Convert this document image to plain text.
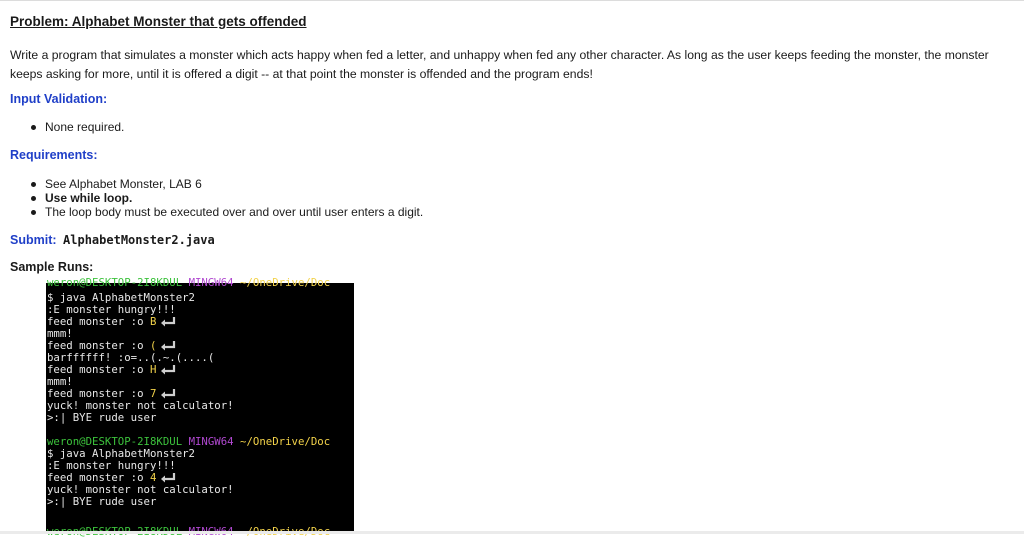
Problem: Alphabet Monster that gets offended
Write a program that simulates a monster which acts happy when fed a letter, and unhappy when fed any other character. As long as the user keeps feeding the monster, the monster keeps asking for more, until it is offered a digit -- at that point the monster is offended and the program ends!
Input Validation:
None required.
Requirements:
See Alphabet Monster, LAB 6
Use while loop.
The loop body must be executed over and over until user enters a digit.
Submit: AlphabetMonster2.java
Sample Runs:
weron@DESKTOP-2I8KDUL MINGW64 ~/OneDrive/Doc
$ java AlphabetMonster2
:E monster hungry!!!
feed monster :o B
mmm!
feed monster :o (
barffffff! :o=..(.~.(....(
feed monster :o H
mmm!
feed monster :o 7
yuck! monster not calculator!
>:| BYE rude user
weron@DESKTOP-2I8KDUL MINGW64 ~/OneDrive/Doc
$ java AlphabetMonster2
:E monster hungry!!!
feed monster :o 4
yuck! monster not calculator!
>:| BYE rude user
